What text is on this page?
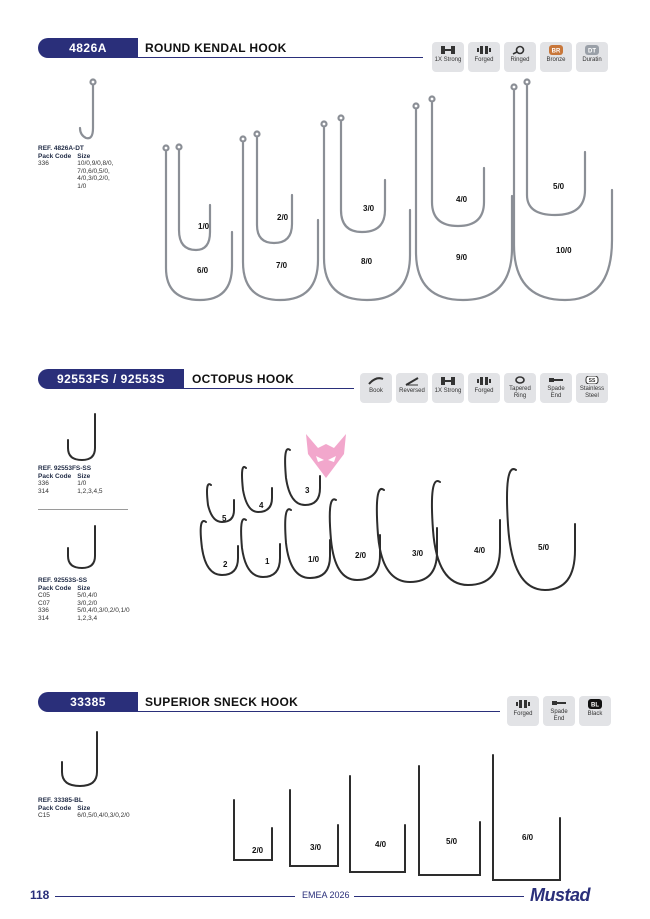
4826A	ROUND KENDAL HOOK
1X Strong Forged	Ringed
BR
Bronze
DT
Duratin
REF. 4826A-DT
Pack Code	Size
336	10/0,9/0,8/0,
7/0,6/0,5/0,
4/0,3/0,2/0,
1/0
1/0
2/0
3/0
4/0
5/0
6/0
7/0	8/0	9/0
10/0
92553FS / 92553S	OCTOPUS HOOK
Book	Reversed 1X Strong Forged	Tapered
Ring
Spade
End
SS
Stainless
Steel
REF. 92553FS-SS
Pack Code	Size
336	1/0
314	1,2,3,4,5
REF. 92553S-SS
Pack Code	Size
C05	5/0,4/0
C07	3/0,2/0
336	5/0,4/0,3/0,2/0,1/0
314	1,2,3,4
5
4
3
2	1	1/0	2/0	3/0	4/0	5/0
33385	SUPERIOR SNECK HOOK
Forged	Spade
End
BL
Black
REF. 33385-BL
Pack Code	Size
C15	6/0,5/0,4/0,3/0,2/0
2/0	3/0	4/0	5/0	6/0
118	EMEA 2026	Mustad
